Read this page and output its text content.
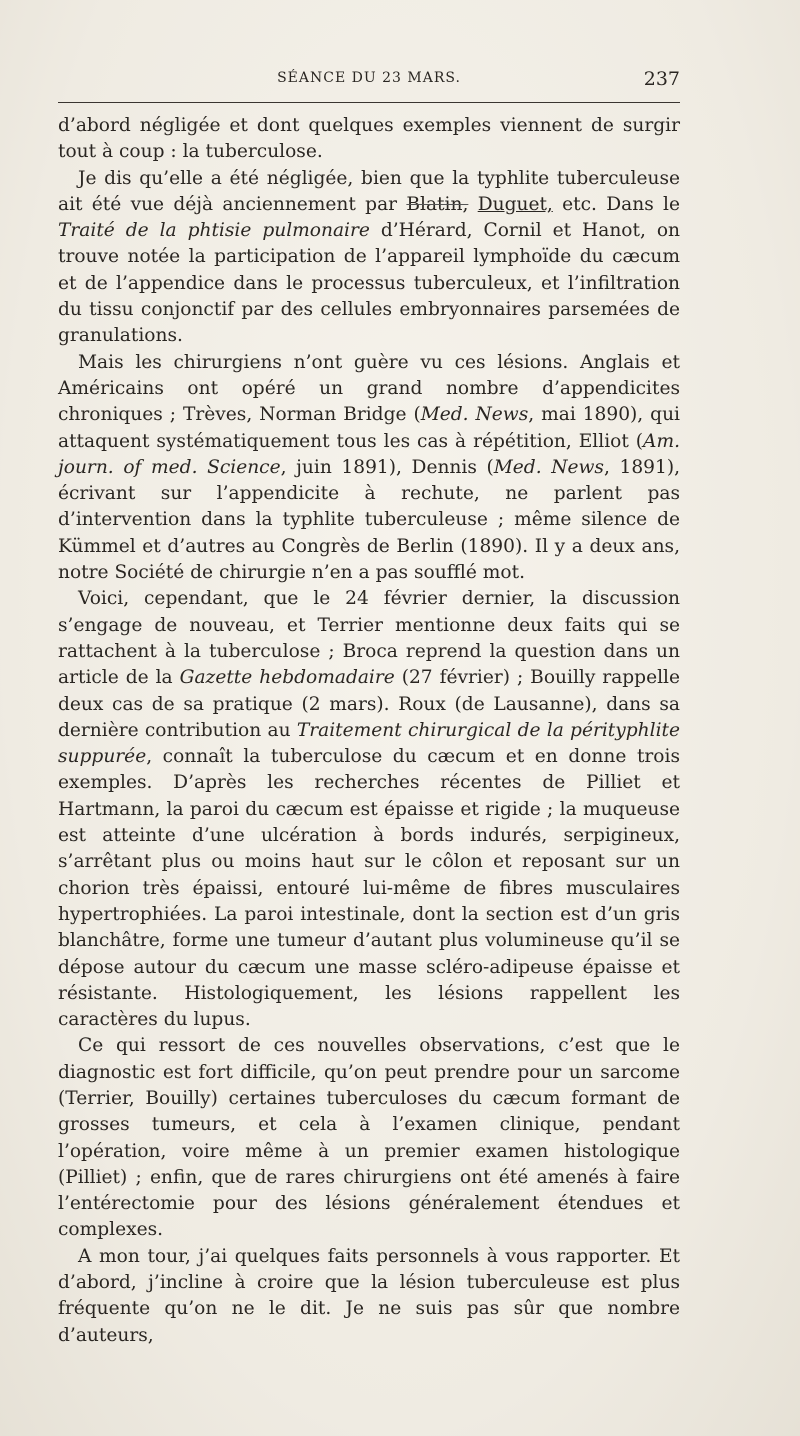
SÉANCE DU 23 MARS.	237

d’abord négligée et dont quelques exemples viennent de surgir tout à coup : la tuberculose.

Je dis qu’elle a été négligée, bien que la typhlite tuberculeuse ait été vue déjà anciennement par Blatin, Duguet, etc. Dans le Traité de la phtisie pulmonaire d’Hérard, Cornil et Hanot, on trouve notée la participation de l’appareil lymphoïde du cæcum et de l’appendice dans le processus tuberculeux, et l’infiltration du tissu conjonctif par des cellules embryonnaires parsemées de granulations.

Mais les chirurgiens n’ont guère vu ces lésions. Anglais et Américains ont opéré un grand nombre d’appendicites chroniques ; Trèves, Norman Bridge (Med. News, mai 1890), qui attaquent systématiquement tous les cas à répétition, Elliot (Am. journ. of med. Science, juin 1891), Dennis (Med. News, 1891), écrivant sur l’appendicite à rechute, ne parlent pas d’intervention dans la typhlite tuberculeuse ; même silence de Kümmel et d’autres au Congrès de Berlin (1890). Il y a deux ans, notre Société de chirurgie n’en a pas soufflé mot.

Voici, cependant, que le 24 février dernier, la discussion s’engage de nouveau, et Terrier mentionne deux faits qui se rattachent à la tuberculose ; Broca reprend la question dans un article de la Gazette hebdomadaire (27 février) ; Bouilly rappelle deux cas de sa pratique (2 mars). Roux (de Lausanne), dans sa dernière contribution au Traitement chirurgical de la pérityphlite suppurée, connaît la tuberculose du cæcum et en donne trois exemples. D’après les recherches récentes de Pilliet et Hartmann, la paroi du cæcum est épaisse et rigide ; la muqueuse est atteinte d’une ulcération à bords indurés, serpigineux, s’arrêtant plus ou moins haut sur le côlon et reposant sur un chorion très épaissi, entouré lui-même de fibres musculaires hypertrophiées. La paroi intestinale, dont la section est d’un gris blanchâtre, forme une tumeur d’autant plus volumineuse qu’il se dépose autour du cæcum une masse scléro-adipeuse épaisse et résistante. Histologiquement, les lésions rappellent les caractères du lupus.

Ce qui ressort de ces nouvelles observations, c’est que le diagnostic est fort difficile, qu’on peut prendre pour un sarcome (Terrier, Bouilly) certaines tuberculoses du cæcum formant de grosses tumeurs, et cela à l’examen clinique, pendant l’opération, voire même à un premier examen histologique (Pilliet) ; enfin, que de rares chirurgiens ont été amenés à faire l’entérectomie pour des lésions généralement étendues et complexes.

A mon tour, j’ai quelques faits personnels à vous rapporter. Et d’abord, j’incline à croire que la lésion tuberculeuse est plus fréquente qu’on ne le dit. Je ne suis pas sûr que nombre d’auteurs,
